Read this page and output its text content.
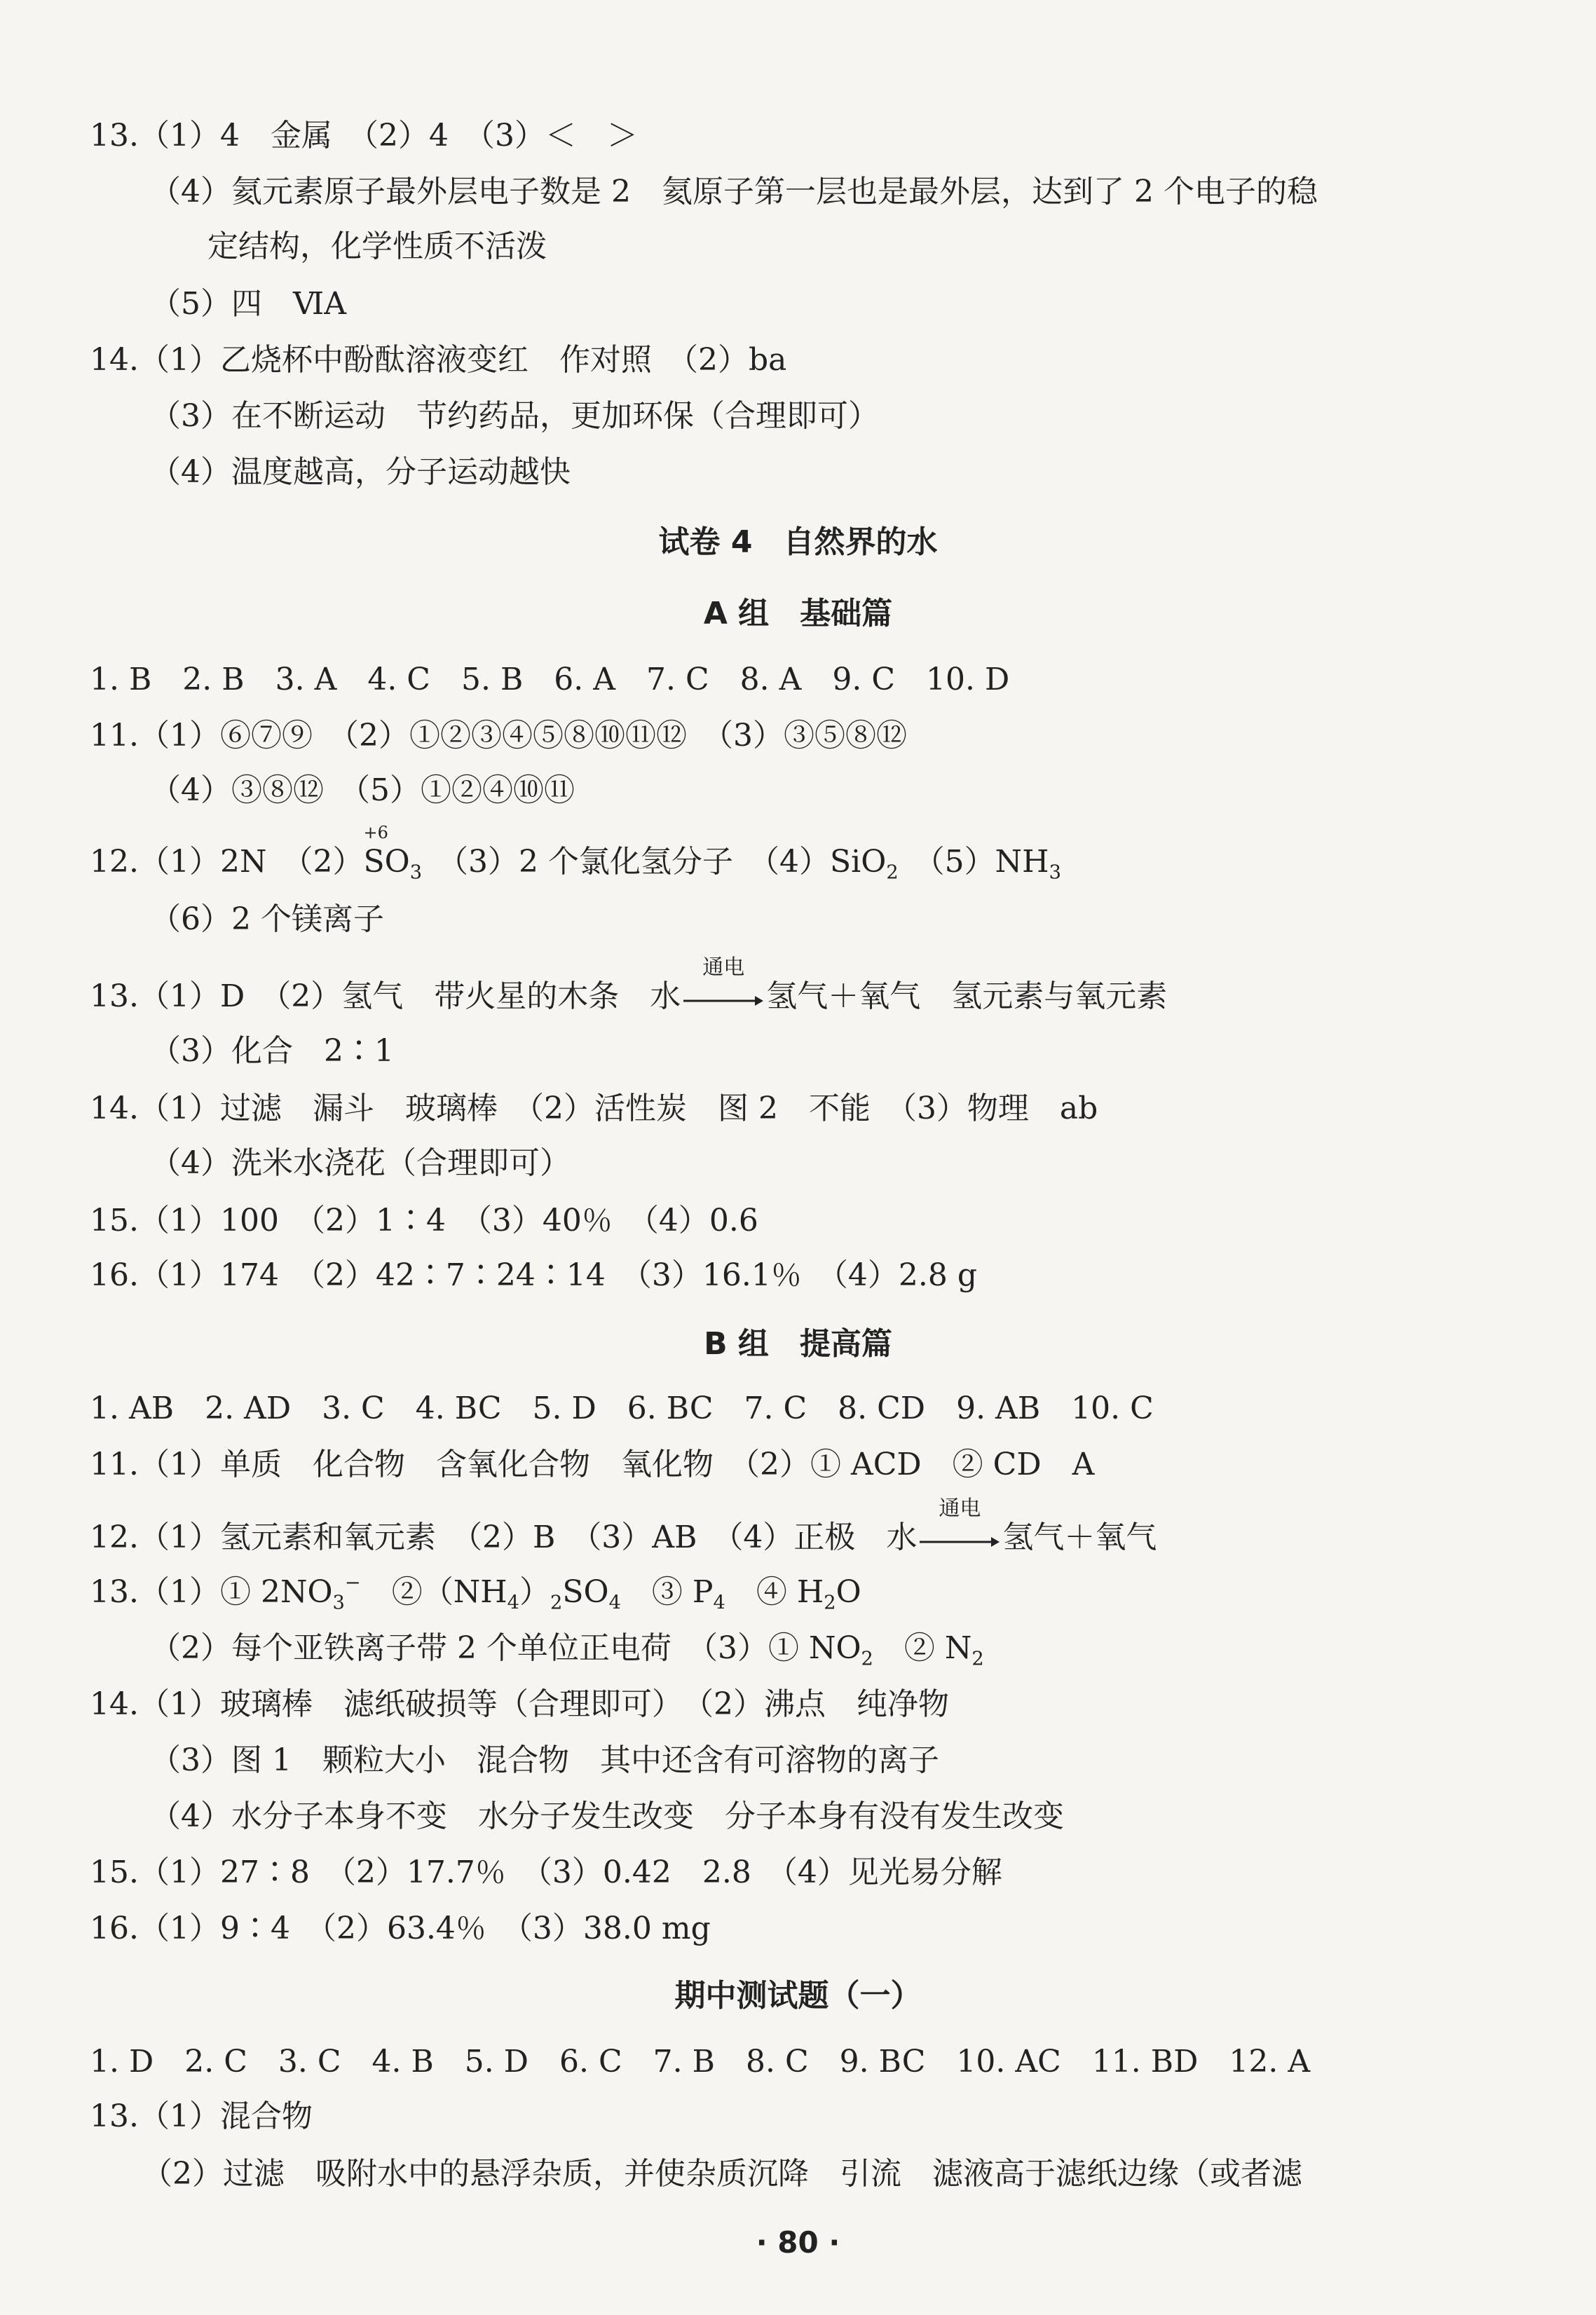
13.（1）4　金属　（2）4　（3）＜　＞
（4）氦元素原子最外层电子数是 2　氦原子第一层也是最外层，达到了 2 个电子的稳
定结构，化学性质不活泼
（5）四　ⅥA
14.（1）乙烧杯中酚酞溶液变红　作对照　（2）ba
（3）在不断运动　节约药品，更加环保（合理即可）
（4）温度越高，分子运动越快
试卷 4　自然界的水
A 组　基础篇
1. B　2. B　3. A　4. C　5. B　6. A　7. C　8. A　9. C　10. D
11.（1）⑥⑦⑨　（2）①②③④⑤⑧⑩⑪⑫　（3）③⑤⑧⑫
（4）③⑧⑫　（5）①②④⑩⑪
12.（1）2N　（2）
+6
$SO_3$　（3）2 个氯化氢分子　（4）SiO$_2$　$(5)NH_3$
（6）2 个镁离子
13.（1）D　（2）氢气　带火星的木条　水
通电
氢气＋氧气　氢元素与氧元素
（3）化合　2∶1
14.（1）过滤　漏斗　玻璃棒　（2）活性炭　图 2　不能　（3）物理　ab
（4）洗米水浇花（合理即可）
15.（1）100　（2）1∶4　（3）40％　（4）0.6
16.（1）174　（2）42∶7∶24∶14　（3）16.1％　（4）2.8 g
B 组　提高篇
1. AB　2. AD　3. C　4. BC　5. D　6. BC　7. C　8. CD　9. AB　10. C
11.（1）单质　化合物　含氧化合物　氧化物　（2）① ACD　② CD　A
12.（1）氢元素和氧元素　（2）B　（3）AB　（4）正极　水
通电
氢气＋氧气
13.（1）① $2NO_3^-$　$②(NH_4)_2SO_4$　③ $P_4$　④ $H_2O$
（2）每个亚铁离子带 2 个单位正电荷　（3）① $NO_2$　② $N_2$
14.（1）玻璃棒　滤纸破损等（合理即可）　（2）沸点　纯净物
（3）图 1　颗粒大小　混合物　其中还含有可溶物的离子
（4）水分子本身不变　水分子发生改变　分子本身有没有发生改变
15.（1）27∶8　（2）17.7％　（3）0.42　2.8　（4）见光易分解
16.（1）9∶4　（2）63.4％　（3）38.0 mg
期中测试题（一）
1. D　2. C　3. C　4. B　5. D　6. C　7. B　8. C　9. BC　10. AC　11. BD　12. A
13.（1）混合物
（2）过滤　吸附水中的悬浮杂质，并使杂质沉降　引流　滤液高于滤纸边缘（或者滤
· 80 ·
